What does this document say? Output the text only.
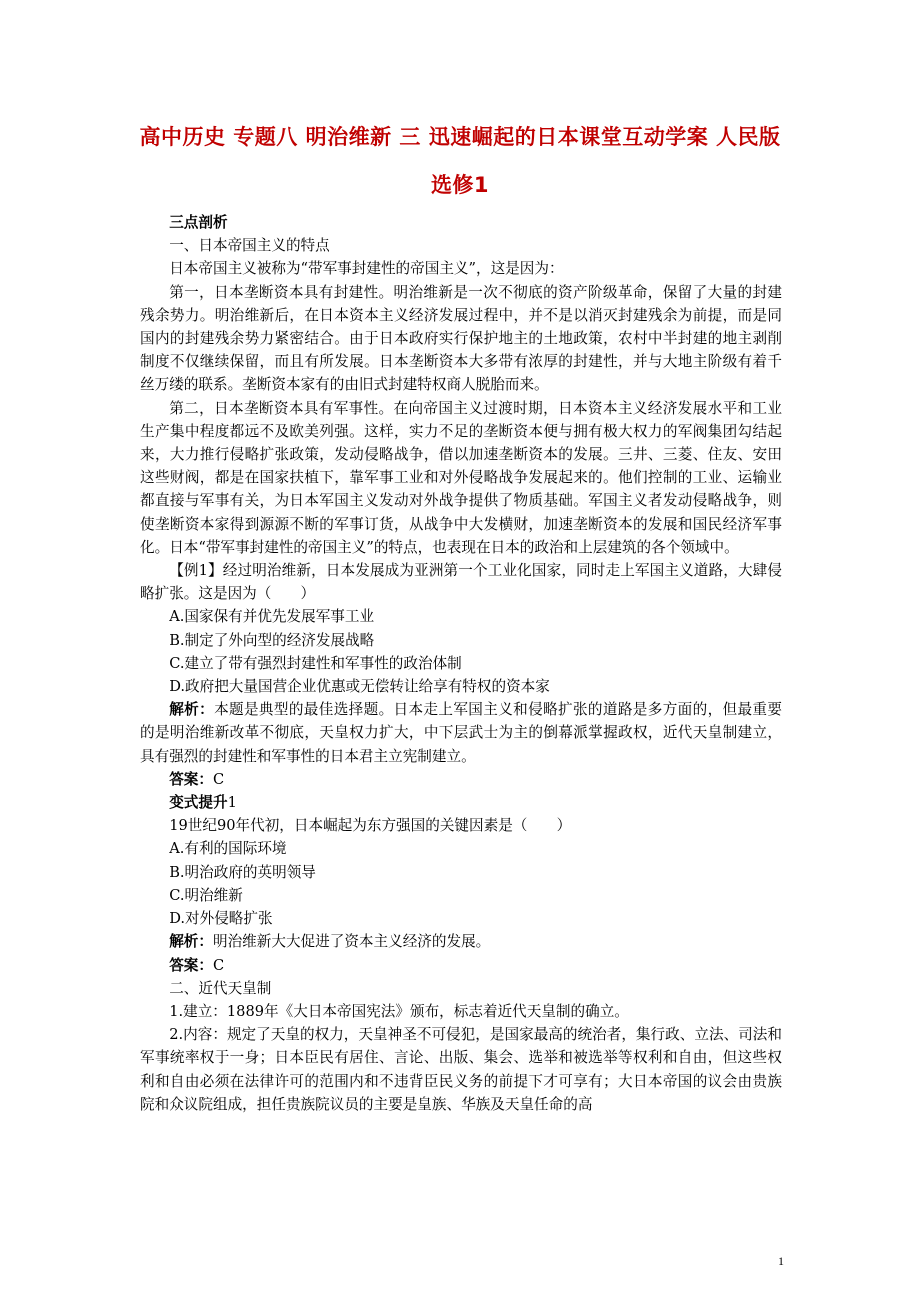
高中历史 专题八 明治维新 三 迅速崛起的日本课堂互动学案 人民版
选修1

三点剖析

一、日本帝国主义的特点

日本帝国主义被称为“带军事封建性的帝国主义”，这是因为：

第一，日本垄断资本具有封建性。明治维新是一次不彻底的资产阶级革命，保留了大量的封建残余势力。明治维新后，在日本资本主义经济发展过程中，并不是以消灭封建残余为前提，而是同国内的封建残余势力紧密结合。由于日本政府实行保护地主的土地政策，农村中半封建的地主剥削制度不仅继续保留，而且有所发展。日本垄断资本大多带有浓厚的封建性，并与大地主阶级有着千丝万缕的联系。垄断资本家有的由旧式封建特权商人脱胎而来。

第二，日本垄断资本具有军事性。在向帝国主义过渡时期，日本资本主义经济发展水平和工业生产集中程度都远不及欧美列强。这样，实力不足的垄断资本便与拥有极大权力的军阀集团勾结起来，大力推行侵略扩张政策，发动侵略战争，借以加速垄断资本的发展。三井、三菱、住友、安田这些财阀，都是在国家扶植下，靠军事工业和对外侵略战争发展起来的。他们控制的工业、运输业都直接与军事有关，为日本军国主义发动对外战争提供了物质基础。军国主义者发动侵略战争，则使垄断资本家得到源源不断的军事订货，从战争中大发横财，加速垄断资本的发展和国民经济军事化。日本“带军事封建性的帝国主义”的特点，也表现在日本的政治和上层建筑的各个领域中。

【例1】经过明治维新，日本发展成为亚洲第一个工业化国家，同时走上军国主义道路，大肆侵略扩张。这是因为（　　）

A.国家保有并优先发展军事工业

B.制定了外向型的经济发展战略

C.建立了带有强烈封建性和军事性的政治体制

D.政府把大量国营企业优惠或无偿转让给享有特权的资本家

解析：本题是典型的最佳选择题。日本走上军国主义和侵略扩张的道路是多方面的，但最重要的是明治维新改革不彻底，天皇权力扩大，中下层武士为主的倒幕派掌握政权，近代天皇制建立，具有强烈的封建性和军事性的日本君主立宪制建立。

答案：C

变式提升1

19世纪90年代初，日本崛起为东方强国的关键因素是（　　）

A.有利的国际环境

B.明治政府的英明领导

C.明治维新

D.对外侵略扩张

解析：明治维新大大促进了资本主义经济的发展。

答案：C

二、近代天皇制

1.建立：1889年《大日本帝国宪法》颁布，标志着近代天皇制的确立。

2.内容：规定了天皇的权力，天皇神圣不可侵犯，是国家最高的统治者，集行政、立法、司法和军事统率权于一身；日本臣民有居住、言论、出版、集会、选举和被选举等权利和自由，但这些权利和自由必须在法律许可的范围内和不违背臣民义务的前提下才可享有；大日本帝国的议会由贵族院和众议院组成，担任贵族院议员的主要是皇族、华族及天皇任命的高

1
